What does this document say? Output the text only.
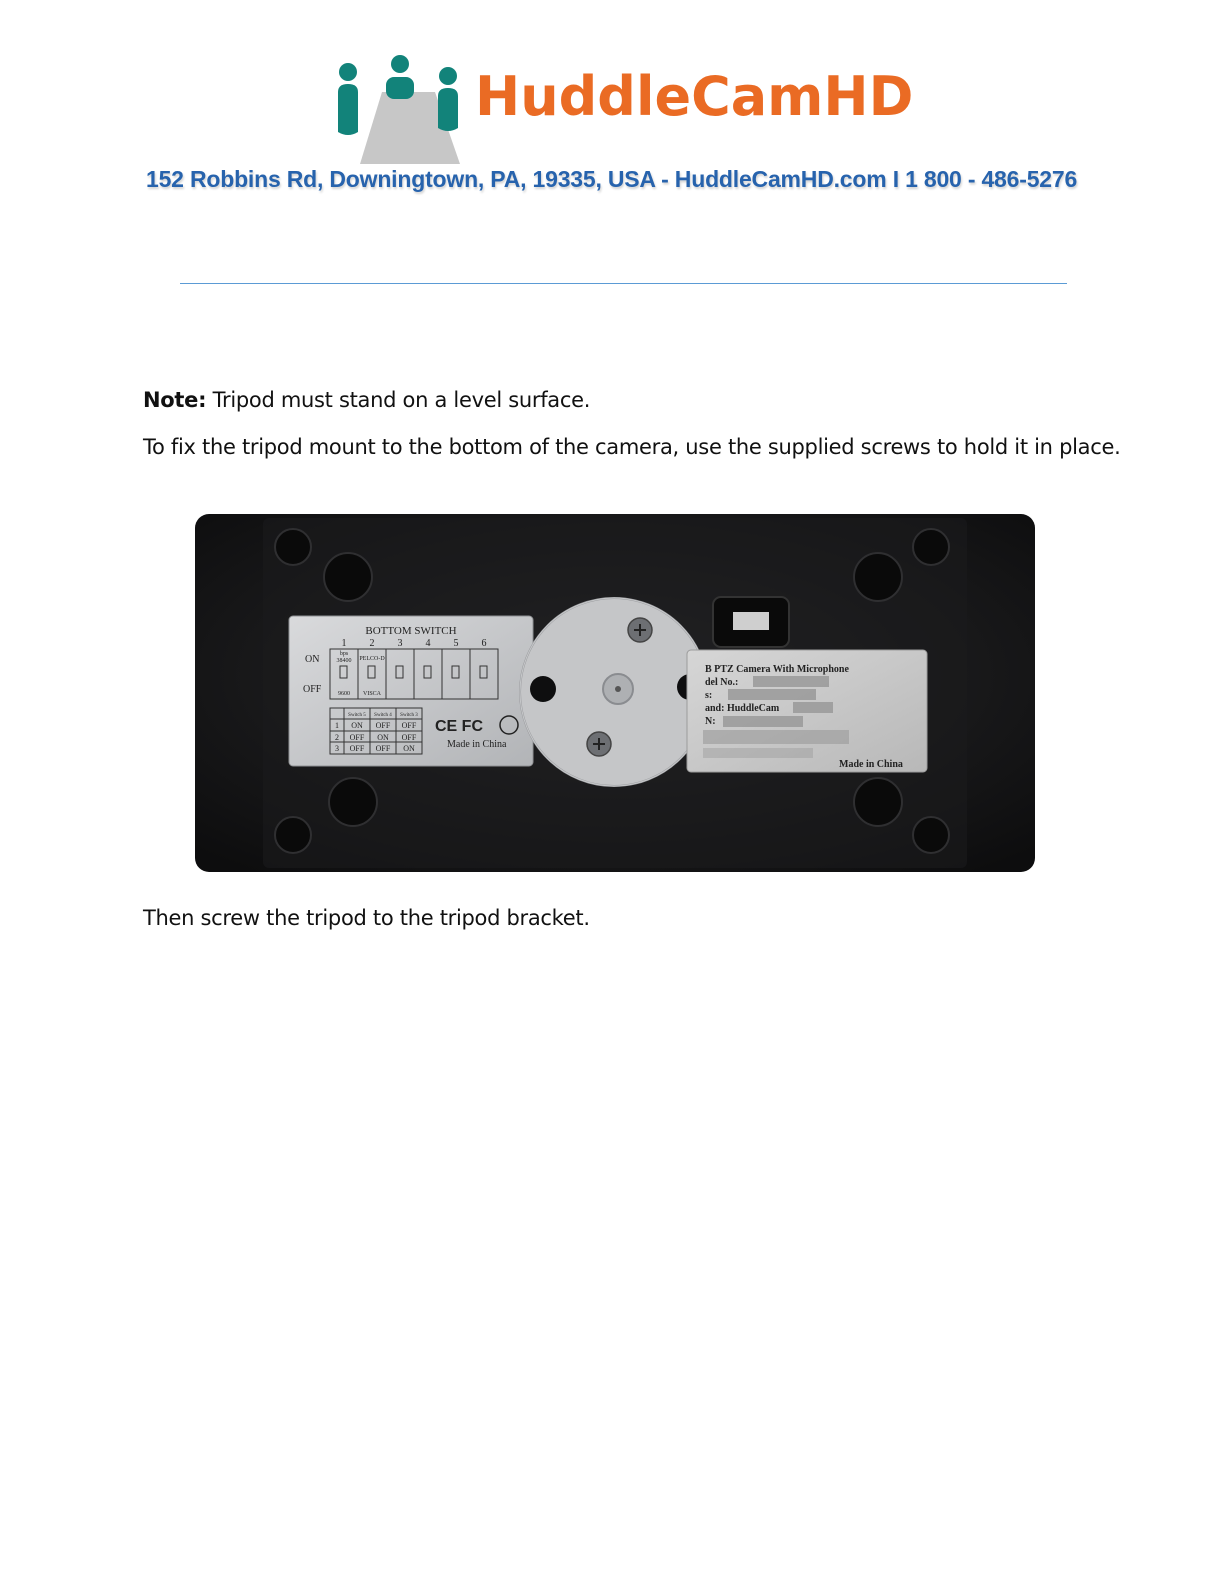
HuddleCamHD
152 Robbins Rd, Downingtown, PA, 19335, USA - HuddleCamHD.com I 1 800 - 486-5276
Note: Tripod must stand on a level surface.
To fix the tripod mount to the bottom of the camera, use the supplied screws to hold it in place.
BOTTOM SWITCH
1 2 3 4 5 6
ON
OFF
bps
38400
9600
PELCO-D
VISCA
Switch 5 Switch 4 Switch 3
1 ON OFF OFF
2 OFF ON OFF
3 OFF OFF ON
CE FC
Made in China
B PTZ Camera With Microphone
del No.:
s:
and: HuddleCam
N:
Made in China
Then screw the tripod to the tripod bracket.
